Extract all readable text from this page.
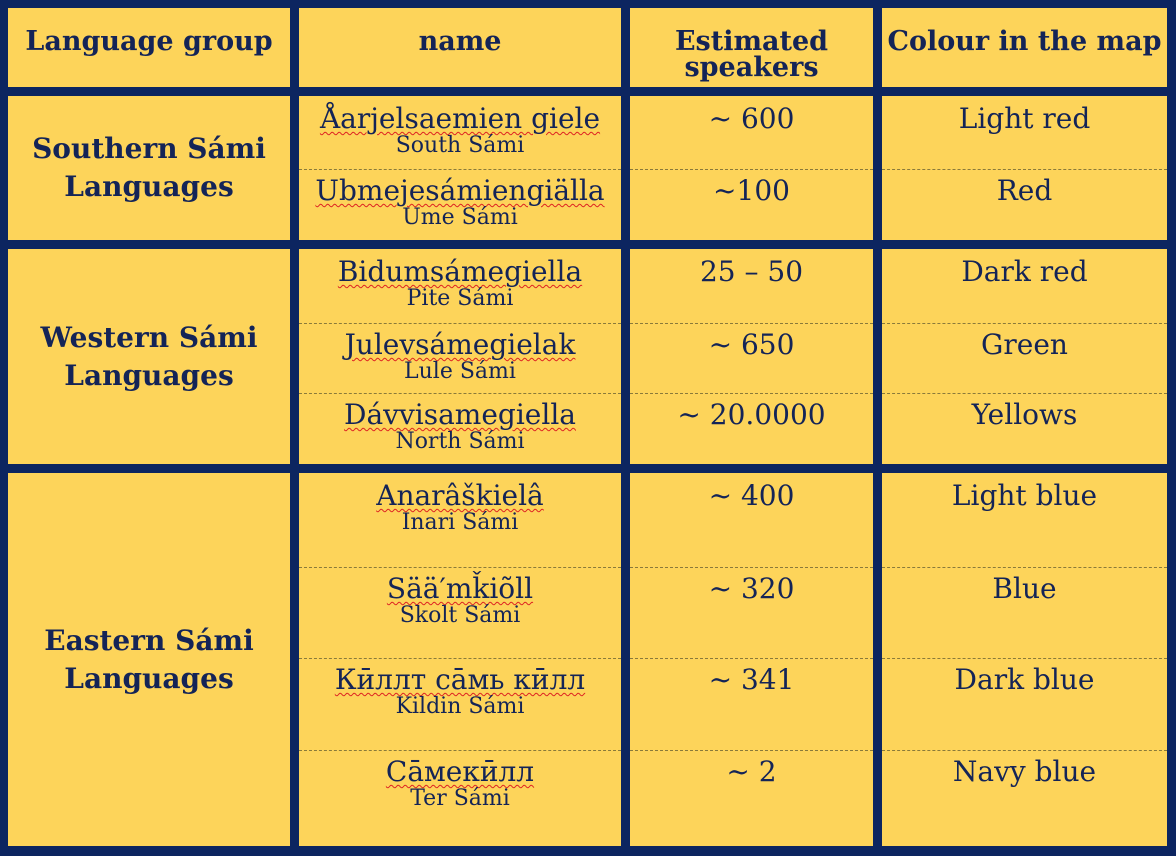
Language group	name	Estimated speakers
Colour in the map
Southern Sámi Languages
Åarjelsaemien giele
South Sámi
Ubmejesámiengiälla
Ume Sámi
~ 600
~100
Light red
Red
Western Sámi Languages
Bidumsámegiella
Pite Sámi
Julevsámegielak
Lule Sámi
Dávvisamegiella
North Sámi
25 – 50
~ 650
~ 20.0000
Dark red
Green
Yellows
Eastern Sámi Languages
Anarâškielâ
Inari Sámi
Sää′mǩiõll
Skolt Sámi
Кӣллт са̄мь кӣлл
Kildin Sámi
Са̄мекӣлл
Ter Sámi
~ 400
~ 320
~ 341
~ 2
Light blue
Blue
Dark blue
Navy blue
